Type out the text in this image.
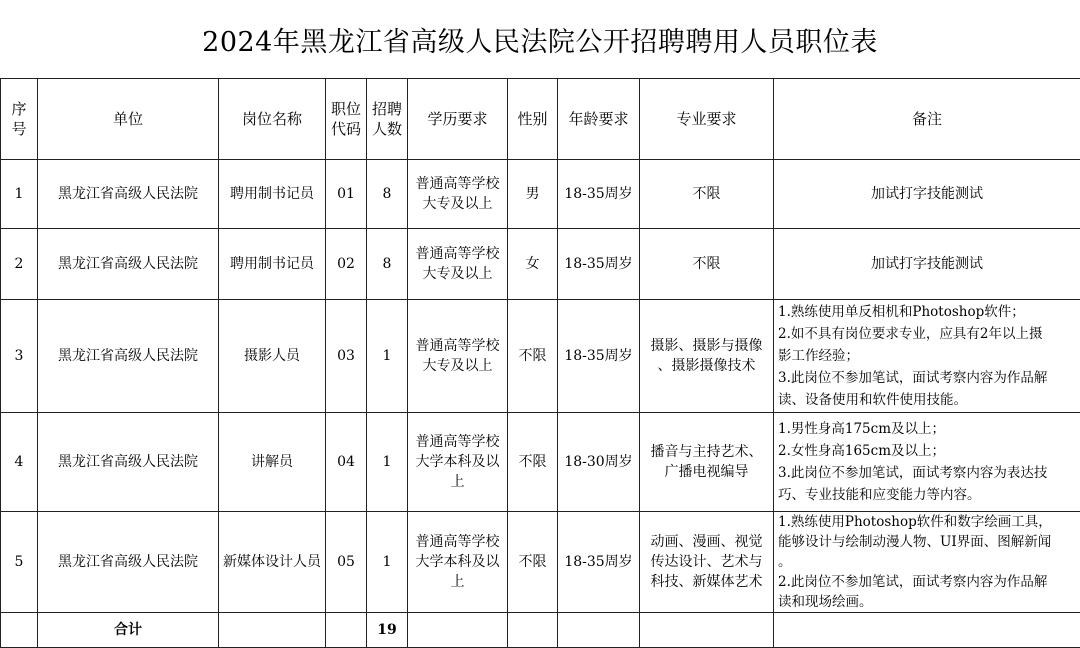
2024年黑龙江省高级人民法院公开招聘聘用人员职位表
序
号	单位	岗位名称	职位
代码	招聘
人数	学历要求	性别	年龄要求	专业要求	备注
1	黑龙江省高级人民法院	聘用制书记员	01	8	普通高等学校
大专及以上	男	18-35周岁	不限	加试打字技能测试

2	黑龙江省高级人民法院	聘用制书记员	02	8	普通高等学校
大专及以上	女	18-35周岁	不限	加试打字技能测试

3	黑龙江省高级人民法院	摄影人员	03	1	普通高等学校
大专及以上	不限	18-35周岁	摄影、摄影与摄像
、摄影摄像技术	1.熟练使用单反相机和Photoshop软件；
2.如不具有岗位要求专业，应具有2年以上摄
影工作经验；
3.此岗位不参加笔试，面试考察内容为作品解
读、设备使用和软件使用技能。

4	黑龙江省高级人民法院	讲解员	04	1	普通高等学校
大学本科及以
上	不限	18-30周岁	播音与主持艺术、
广播电视编导	1.男性身高175cm及以上；
2.女性身高165cm及以上；
3.此岗位不参加笔试，面试考察内容为表达技
巧、专业技能和应变能力等内容。

5	黑龙江省高级人民法院	新媒体设计人员	05	1	普通高等学校
大学本科及以
上	不限	18-35周岁	动画、漫画、视觉
传达设计、艺术与
科技、新媒体艺术	1.熟练使用Photoshop软件和数字绘画工具，
能够设计与绘制动漫人物、UI界面、图解新闻
。
2.此岗位不参加笔试，面试考察内容为作品解
读和现场绘画。

	合计			19					
